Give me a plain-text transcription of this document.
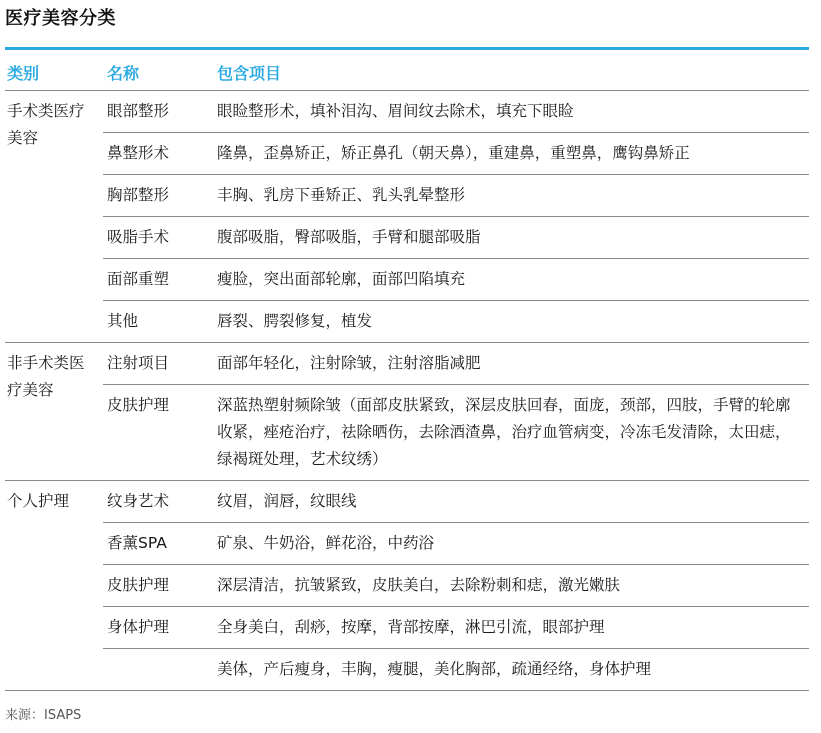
医疗美容分类
类别	名称	包含项目
手术类医疗美容	眼部整形	眼睑整形术，填补泪沟、眉间纹去除术，填充下眼睑
	鼻整形术	隆鼻，歪鼻矫正，矫正鼻孔（朝天鼻），重建鼻，重塑鼻，鹰钩鼻矫正
	胸部整形	丰胸、乳房下垂矫正、乳头乳晕整形
	吸脂手术	腹部吸脂，臀部吸脂，手臂和腿部吸脂
	面部重塑	瘦脸，突出面部轮廓，面部凹陷填充
	其他	唇裂、腭裂修复，植发
非手术类医疗美容	注射项目	面部年轻化，注射除皱，注射溶脂减肥
	皮肤护理	深蓝热塑射频除皱（面部皮肤紧致，深层皮肤回春，面庞，颈部，四肢，手臂的轮廓收紧，痤疮治疗，祛除晒伤，去除酒渣鼻，治疗血管病变，冷冻毛发清除，太田痣，绿褐斑处理，艺术纹绣）
个人护理	纹身艺术	纹眉，润唇，纹眼线
	香薰SPA	矿泉、牛奶浴，鲜花浴，中药浴
	皮肤护理	深层清洁，抗皱紧致，皮肤美白，去除粉刺和痣，激光嫩肤
	身体护理	全身美白，刮痧，按摩，背部按摩，淋巴引流，眼部护理
		美体，产后瘦身，丰胸，瘦腿，美化胸部，疏通经络，身体护理
来源：ISAPS
